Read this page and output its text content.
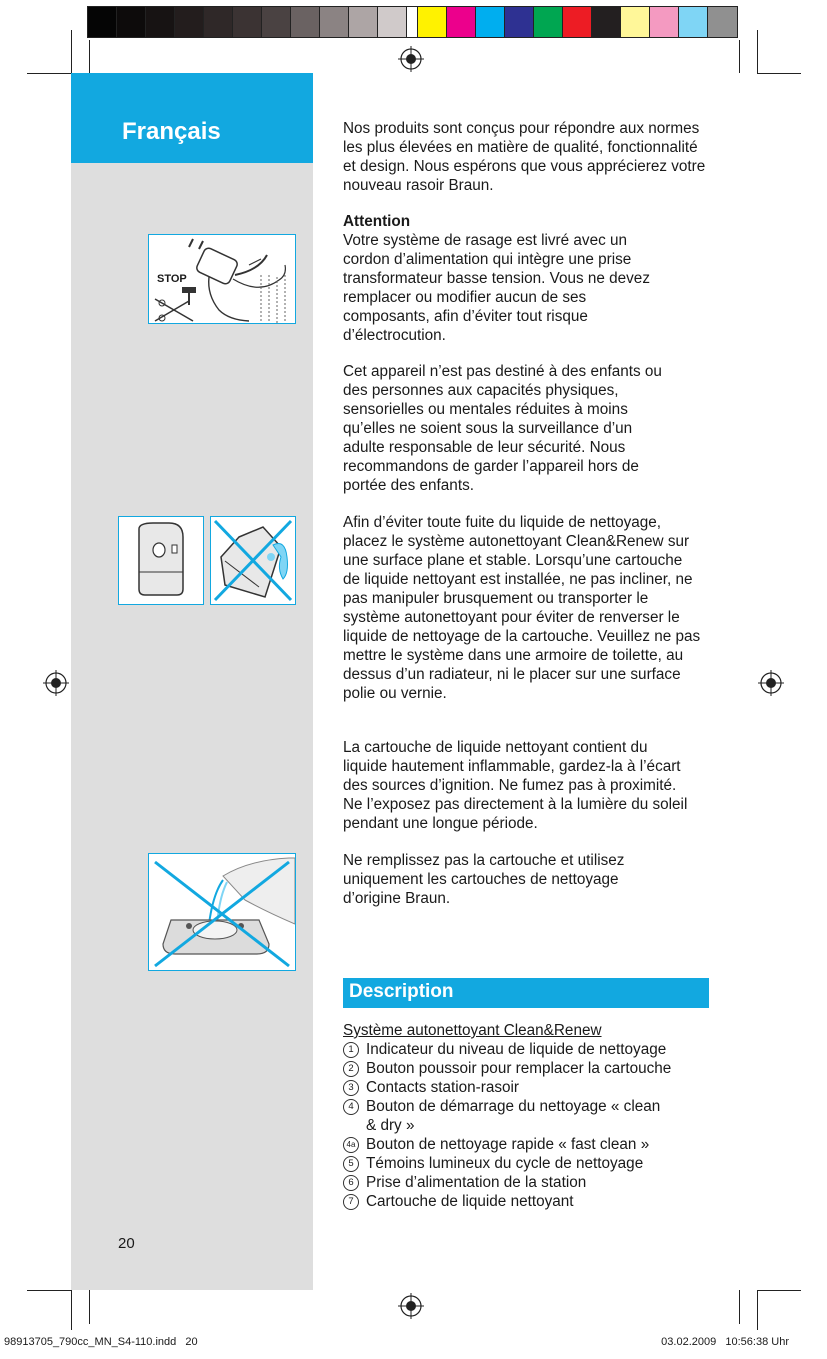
Français
STOP

Nos produits sont conçus pour répondre aux normes les plus élevées en matière de qualité, fonctionnalité et design. Nous espérons que vous apprécierez votre nouveau rasoir Braun.

Attention

Votre système de rasage est livré avec un cordon d’alimentation qui intègre une prise transformateur basse tension. Vous ne devez remplacer ou modifier aucun de ses composants, afin d’éviter tout risque d’électrocution.

Cet appareil n’est pas destiné à des enfants ou des personnes aux capacités physiques, sensorielles ou mentales réduites à moins qu’elles ne soient sous la surveillance d’un adulte responsable de leur sécurité. Nous recommandons de garder l’appareil hors de portée des enfants.

Afin d’éviter toute fuite du liquide de nettoyage, placez le système autonettoyant Clean&Renew sur une surface plane et stable. Lorsqu’une cartouche de liquide nettoyant est installée, ne pas incliner, ne pas manipuler brusquement ou transporter le système autonettoyant pour éviter de renverser le liquide de nettoyage de la cartouche. Veuillez ne pas mettre le système dans une armoire de toilette, au dessus d’un radiateur, ni le placer sur une surface polie ou vernie.

La cartouche de liquide nettoyant contient du liquide hautement inflammable, gardez-la à l’écart des sources d’ignition. Ne fumez pas à proximité. Ne l’exposez pas directement à la lumière du soleil pendant une longue période.

Ne remplissez pas la cartouche et utilisez uniquement les cartouches de nettoyage d’origine Braun.

Description
Système autonettoyant Clean&Renew
1 Indicateur du niveau de liquide de nettoyage
2 Bouton poussoir pour remplacer la cartouche
3 Contacts station-rasoir
4 Bouton de démarrage du nettoyage « clean & dry »
4a Bouton de nettoyage rapide « fast clean »
5 Témoins lumineux du cycle de nettoyage
6 Prise d’alimentation de la station
7 Cartouche de liquide nettoyant
20
98913705_790cc_MN_S4-110.indd   20	03.02.2009   10:56:38 Uhr
